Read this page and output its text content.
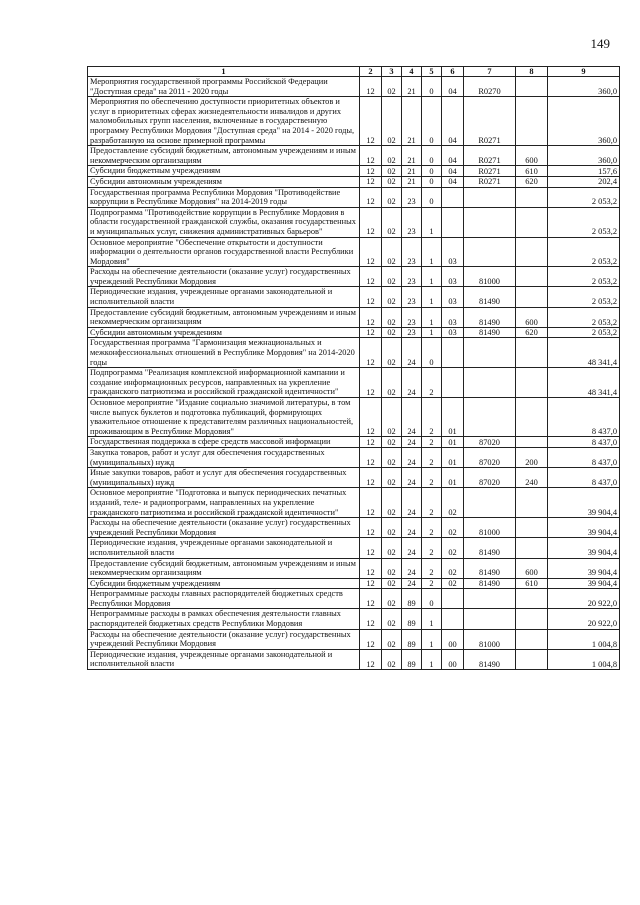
149
1	2	3	4	5	6	7	8	9
Мероприятия государственной программы Российской Федерации "Доступная среда" на 2011 - 2020 годы	12	02	21	0	04	R0270		360,0
Мероприятия по обеспечению доступности приоритетных объектов и услуг в приоритетных сферах жизнедеятельности инвалидов и других маломобильных групп населения, включенные в государственную программу Республики Мордовия "Доступная среда" на 2014 - 2020 годы, разработанную на основе примерной программы	12	02	21	0	04	R0271		360,0
Предоставление субсидий бюджетным, автономным учреждениям и иным некоммерческим организациям	12	02	21	0	04	R0271	600	360,0
Субсидии бюджетным учреждениям	12	02	21	0	04	R0271	610	157,6
Субсидии автономным учреждениям	12	02	21	0	04	R0271	620	202,4
Государственная программа Республики Мордовия "Противодействие коррупции в Республике Мордовия" на 2014-2019 годы	12	02	23	0				2 053,2
Подпрограмма "Противодействие коррупции в Республике Мордовия в области государственной гражданской службы, оказания государственных и муниципальных услуг, снижения административных барьеров"	12	02	23	1				2 053,2
Основное мероприятие "Обеспечение открытости и доступности информации о деятельности органов государственной власти Республики Мордовия"	12	02	23	1	03			2 053,2
Расходы на обеспечение деятельности (оказание услуг) государственных учреждений Республики Мордовия	12	02	23	1	03	81000		2 053,2
Периодические издания, учрежденные органами законодательной и исполнительной власти	12	02	23	1	03	81490		2 053,2
Предоставление субсидий бюджетным, автономным учреждениям и иным некоммерческим организациям	12	02	23	1	03	81490	600	2 053,2
Субсидии автономным учреждениям	12	02	23	1	03	81490	620	2 053,2
Государственная программа "Гармонизация межнациональных и межконфессиональных отношений в Республике Мордовия" на 2014-2020 годы	12	02	24	0				48 341,4
Подпрограмма "Реализация комплексной информационной кампании и создание информационных ресурсов, направленных на укрепление гражданского патриотизма и российской гражданской идентичности"	12	02	24	2				48 341,4
Основное мероприятие "Издание социально значимой литературы, в том числе выпуск буклетов и подготовка публикаций, формирующих уважительное отношение к представителям различных национальностей, проживающим в Республике Мордовия"	12	02	24	2	01			8 437,0
Государственная поддержка в сфере средств массовой информации	12	02	24	2	01	87020		8 437,0
Закупка товаров, работ и услуг для обеспечения государственных (муниципальных) нужд	12	02	24	2	01	87020	200	8 437,0
Иные закупки товаров, работ и услуг для обеспечения государственных (муниципальных) нужд	12	02	24	2	01	87020	240	8 437,0
Основное мероприятие "Подготовка и выпуск периодических печатных изданий, теле- и радиопрограмм, направленных на укрепление гражданского патриотизма и российской гражданской идентичности"	12	02	24	2	02			39 904,4
Расходы на обеспечение деятельности (оказание услуг) государственных учреждений Республики Мордовия	12	02	24	2	02	81000		39 904,4
Периодические издания, учрежденные органами законодательной и исполнительной власти	12	02	24	2	02	81490		39 904,4
Предоставление субсидий бюджетным, автономным учреждениям и иным некоммерческим организациям	12	02	24	2	02	81490	600	39 904,4
Субсидии бюджетным учреждениям	12	02	24	2	02	81490	610	39 904,4
Непрограммные расходы главных распорядителей бюджетных средств Республики Мордовия	12	02	89	0				20 922,0
Непрограммные расходы в рамках обеспечения деятельности главных распорядителей бюджетных средств Республики Мордовия	12	02	89	1				20 922,0
Расходы на обеспечение деятельности (оказание услуг) государственных учреждений Республики Мордовия	12	02	89	1	00	81000		1 004,8
Периодические издания, учрежденные органами законодательной и исполнительной власти	12	02	89	1	00	81490		1 004,8
